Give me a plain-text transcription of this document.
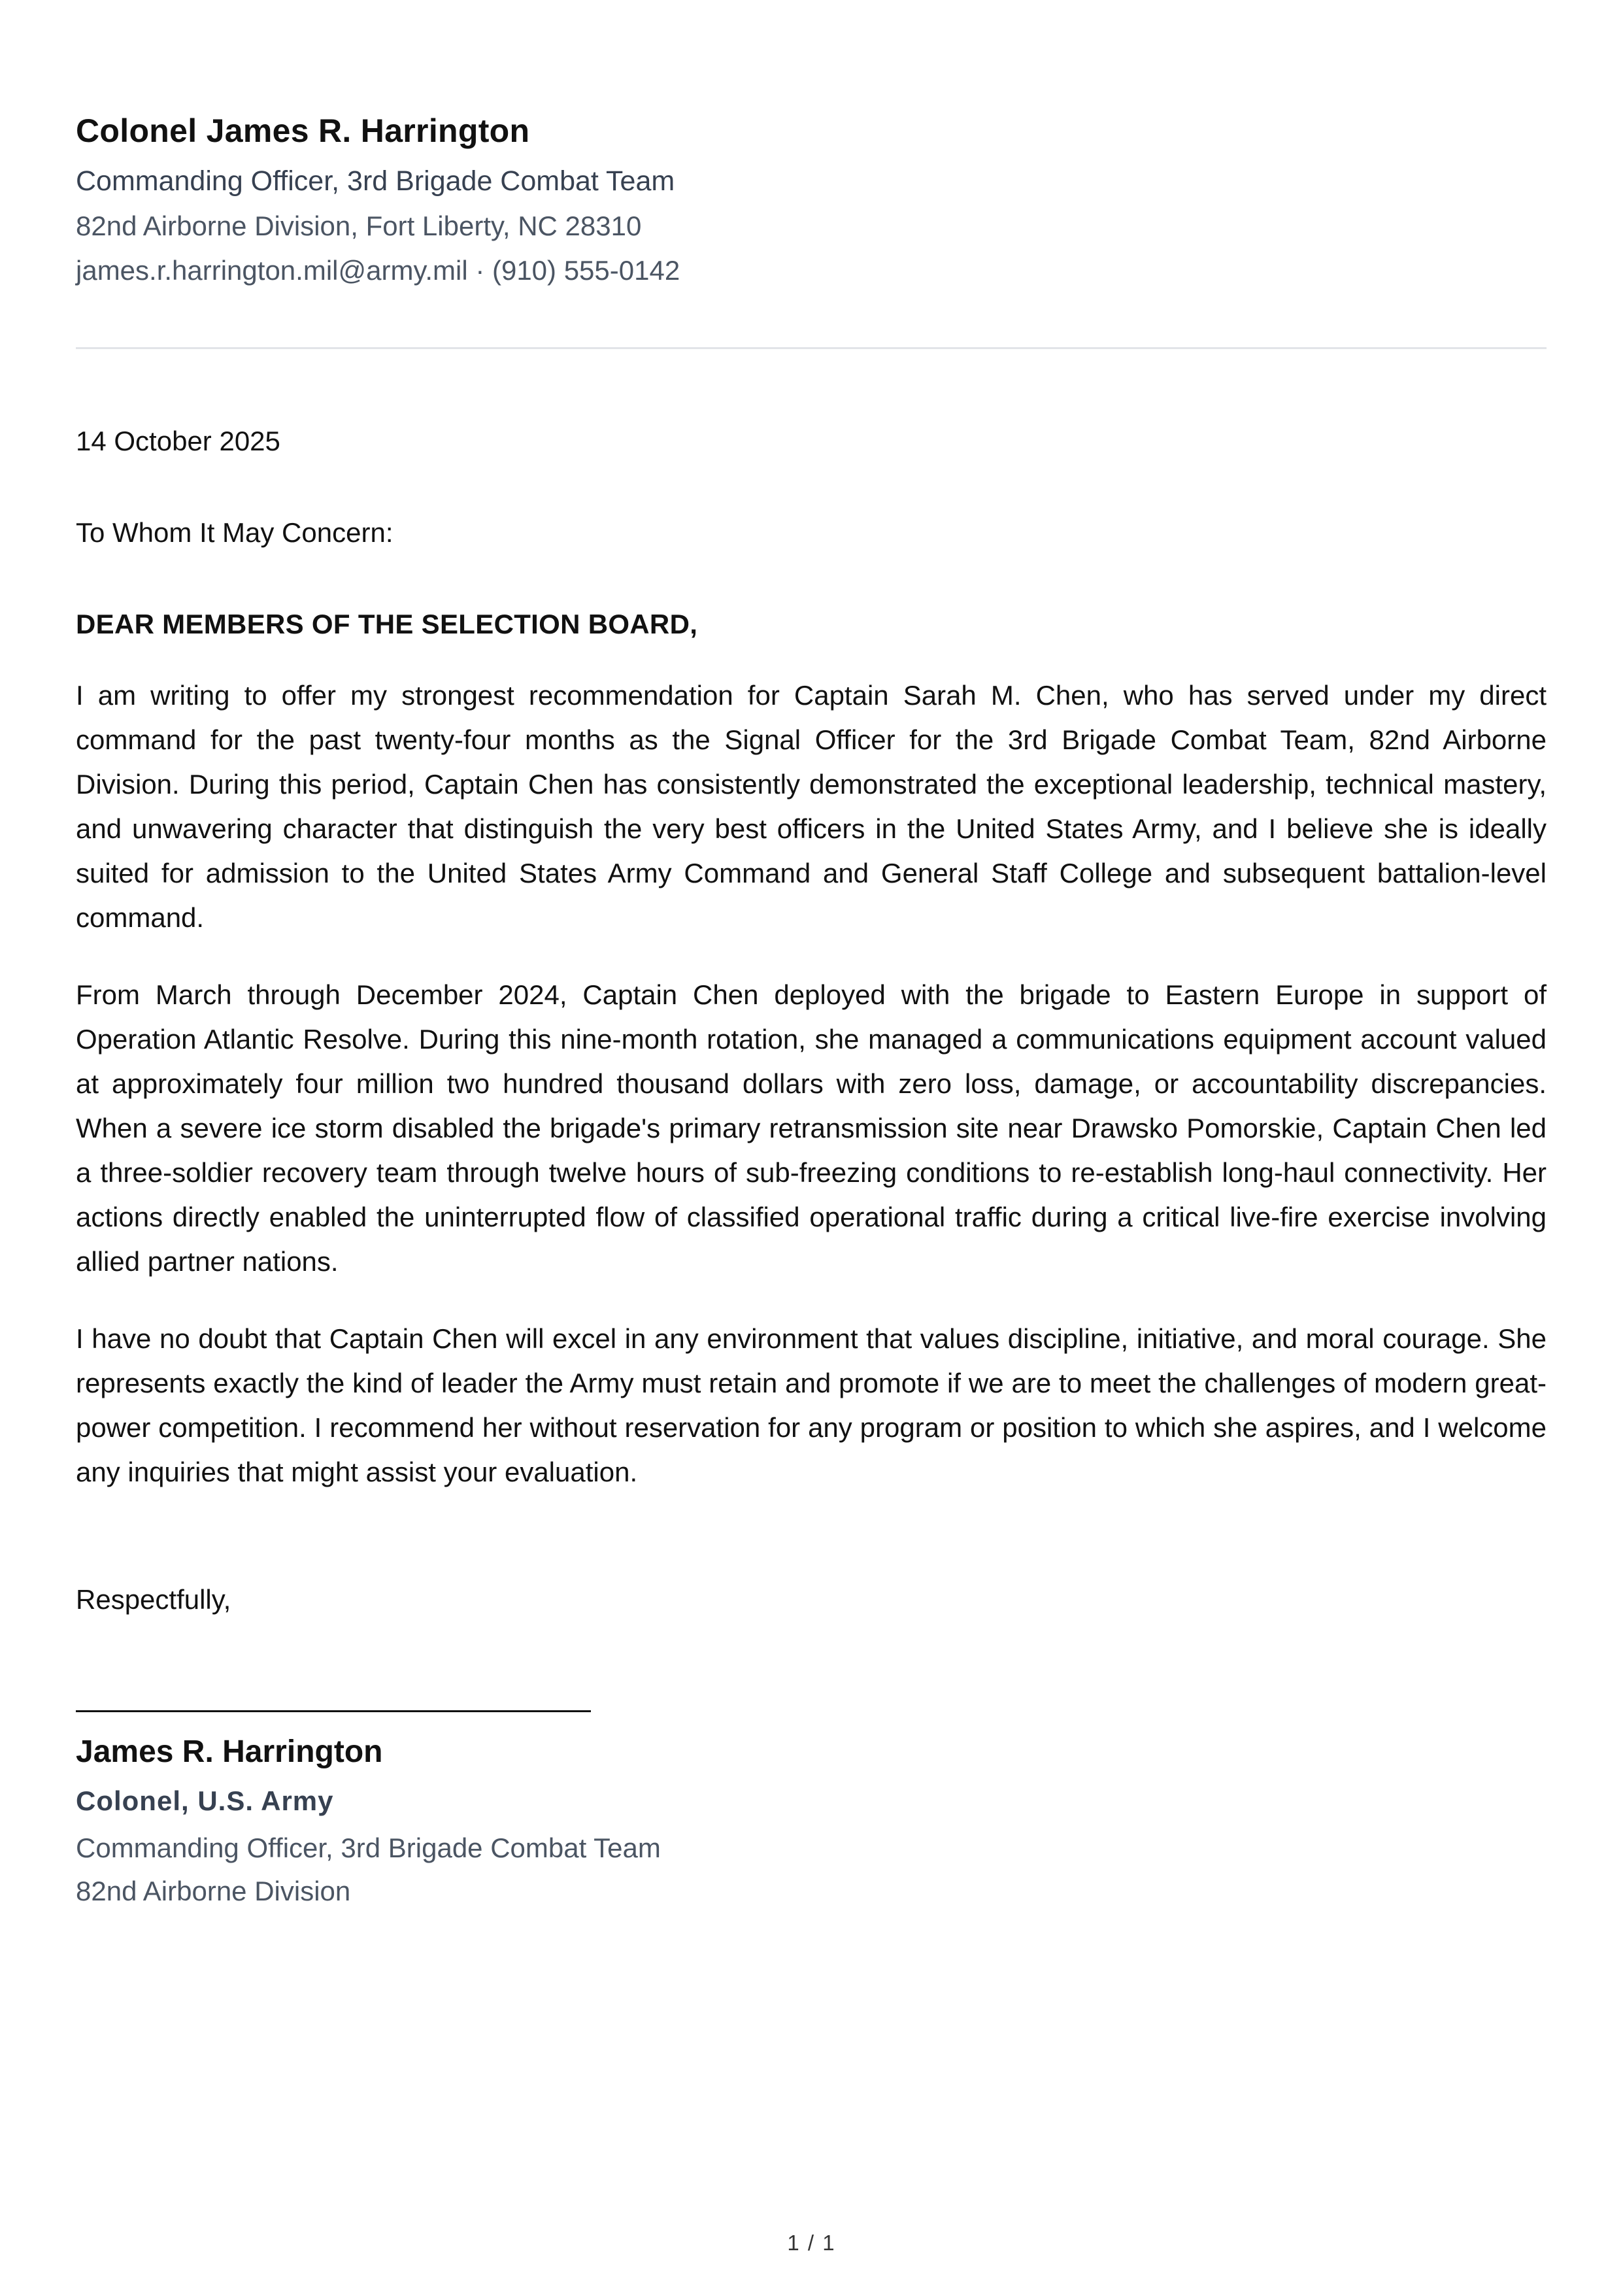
Colonel James R. Harrington
Commanding Officer, 3rd Brigade Combat Team
82nd Airborne Division, Fort Liberty, NC 28310
james.r.harrington.mil@army.mil · (910) 555-0142
14 October 2025
To Whom It May Concern:
DEAR MEMBERS OF THE SELECTION BOARD,
I am writing to offer my strongest recommendation for Captain Sarah M. Chen, who has served under my direct command for the past twenty-four months as the Signal Officer for the 3rd Brigade Combat Team, 82nd Airborne Division. During this period, Captain Chen has consistently demonstrated the exceptional leadership, technical mastery, and unwavering character that distinguish the very best officers in the United States Army, and I believe she is ideally suited for admission to the United States Army Command and General Staff College and subsequent battalion-level command.
From March through December 2024, Captain Chen deployed with the brigade to Eastern Europe in support of Operation Atlantic Resolve. During this nine-month rotation, she managed a communications equipment account valued at approximately four million two hundred thousand dollars with zero loss, damage, or accountability discrepancies. When a severe ice storm disabled the brigade's primary retransmission site near Drawsko Pomorskie, Captain Chen led a three-soldier recovery team through twelve hours of sub-freezing conditions to re-establish long-haul connectivity. Her actions directly enabled the uninterrupted flow of classified operational traffic during a critical live-fire exercise involving allied partner nations.
I have no doubt that Captain Chen will excel in any environment that values discipline, initiative, and moral courage. She represents exactly the kind of leader the Army must retain and promote if we are to meet the challenges of modern great-power competition. I recommend her without reservation for any program or position to which she aspires, and I welcome any inquiries that might assist your evaluation.
Respectfully,
James R. Harrington
Colonel, U.S. Army
Commanding Officer, 3rd Brigade Combat Team
82nd Airborne Division
1 / 1
